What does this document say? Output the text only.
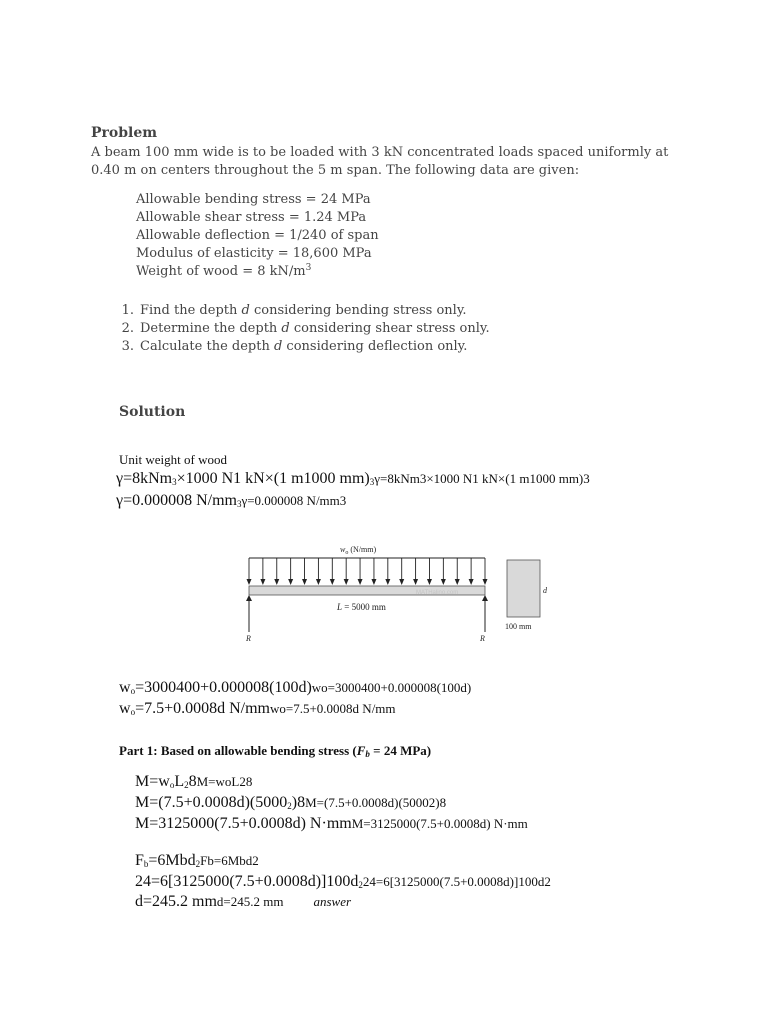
Problem
A beam 100 mm wide is to be loaded with 3 kN concentrated loads spaced uniformly at
0.40 m on centers throughout the 5 m span. The following data are given:
Allowable bending stress = 24 MPa
Allowable shear stress = 1.24 MPa
Allowable deflection = 1/240 of span
Modulus of elasticity = 18,600 MPa
Weight of wood = 8 $kN/m^3$
1. Find the depth d considering bending stress only.
2. Determine the depth d considering shear stress only.
3. Calculate the depth d considering deflection only.
Solution
Unit weight of wood
γ=8kNm$_3$×1000 N1 kN×(1 m1000 $mm)_3\gamma=8kNm3\times 1000$ N1 kN×(1 m1000 mm)3
γ=0.000008 $N/mm_3\gamma=0.000008$ N/mm3
$w_o$ (N/mm)
MATHalino.com
L = 5000 mm
R	R
d
100 mm
$w_o=3000400+0.000008(100d)wo=3000400+0.000008(100d)$
$w_o=7.5+0.0008d$ N/mmwo=7.5+0.0008d N/mm
Part 1: Based on allowable bending stress ($F_b = 24$ MPa)
$M=w_oL_28M=woL28$
$M=(7.5+0.0008d)(5000_2)8M=(7.5+0.0008d)(50002)8$
M=3125000(7.5+0.0008d) N·mmM=3125000(7.5+0.0008d) N·mm
$F_b=6Mbd_2Fb=6Mbd2$
$24=6[3125000(7.5+0.0008d)]100d_224=6[3125000(7.5+0.0008d)]100d2$
d=245.2 mmd=245.2 mm answer
